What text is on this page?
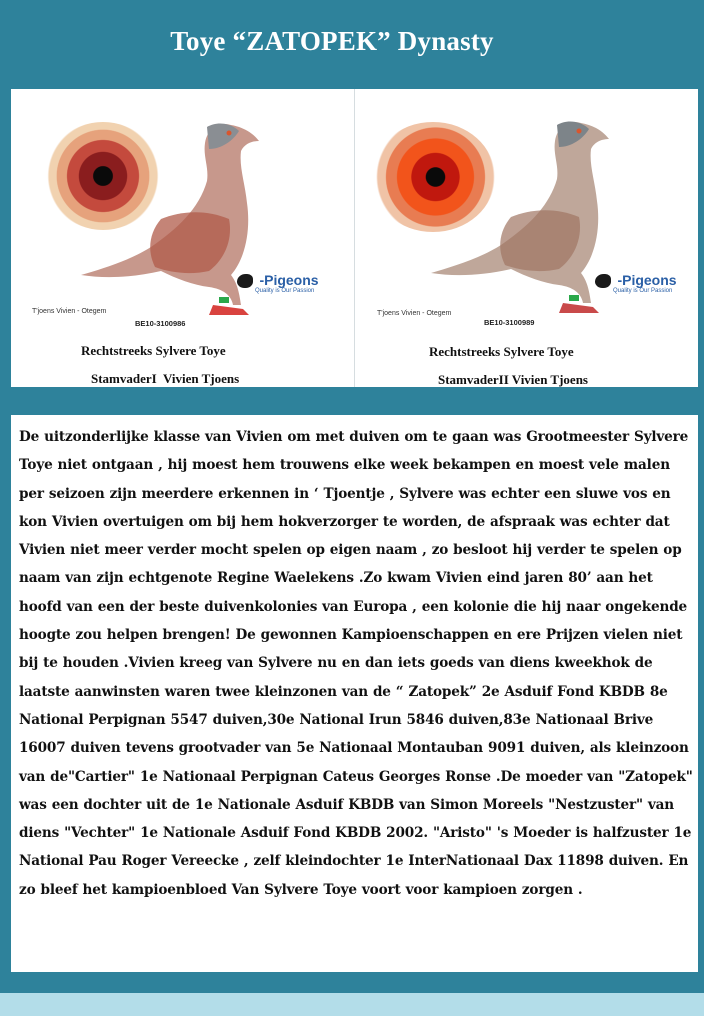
Toye “ZATOPEK” Dynasty
-Pigeons
Quality is Our Passion
T'joens Vivien - Otegem
BE10-3100986
Rechtstreeks Sylvere Toye
StamvaderI  Vivien Tjoens
-Pigeons
Quality is Our Passion
T'joens Vivien - Otegem
BE10-3100989
Rechtstreeks Sylvere Toye
StamvaderII Vivien Tjoens

De uitzonderlijke klasse van Vivien om met duiven om te gaan was Grootmeester Sylvere Toye niet ontgaan , hij moest hem trouwens elke week bekampen en moest vele malen per seizoen zijn meerdere erkennen in ‘ Tjoentje , Sylvere was echter een sluwe vos en kon Vivien overtuigen om bij hem hokverzorger te worden, de afspraak was echter dat Vivien niet meer verder mocht spelen op eigen naam , zo besloot hij verder te spelen op naam van zijn echtgenote Regine Waelekens .Zo kwam Vivien eind jaren 80’ aan het hoofd van een der beste duivenkolonies van Europa , een kolonie die hij naar ongekende hoogte zou helpen brengen! De gewonnen Kampioenschappen en ere Prijzen vielen niet bij te houden .Vivien kreeg van Sylvere nu en dan iets goeds van diens kweekhok de laatste aanwinsten waren twee kleinzonen van de “ Zatopek” 2e Asduif Fond KBDB 8e National Perpignan 5547 duiven,30e National Irun 5846 duiven,83e Nationaal Brive 16007 duiven tevens grootvader van 5e Nationaal Montauban 9091 duiven, als kleinzoon van de"Cartier" 1e Nationaal Perpignan Cateus Georges Ronse .De moeder van "Zatopek" was een dochter uit de 1e Nationale Asduif KBDB van Simon Moreels "Nestzuster" van diens "Vechter" 1e Nationale Asduif Fond KBDB 2002. "Aristo" 's Moeder is halfzuster 1e National Pau Roger Vereecke , zelf kleindochter 1e InterNationaal Dax 11898 duiven. En zo bleef het kampioenbloed Van Sylvere Toye voort voor kampioen zorgen .
